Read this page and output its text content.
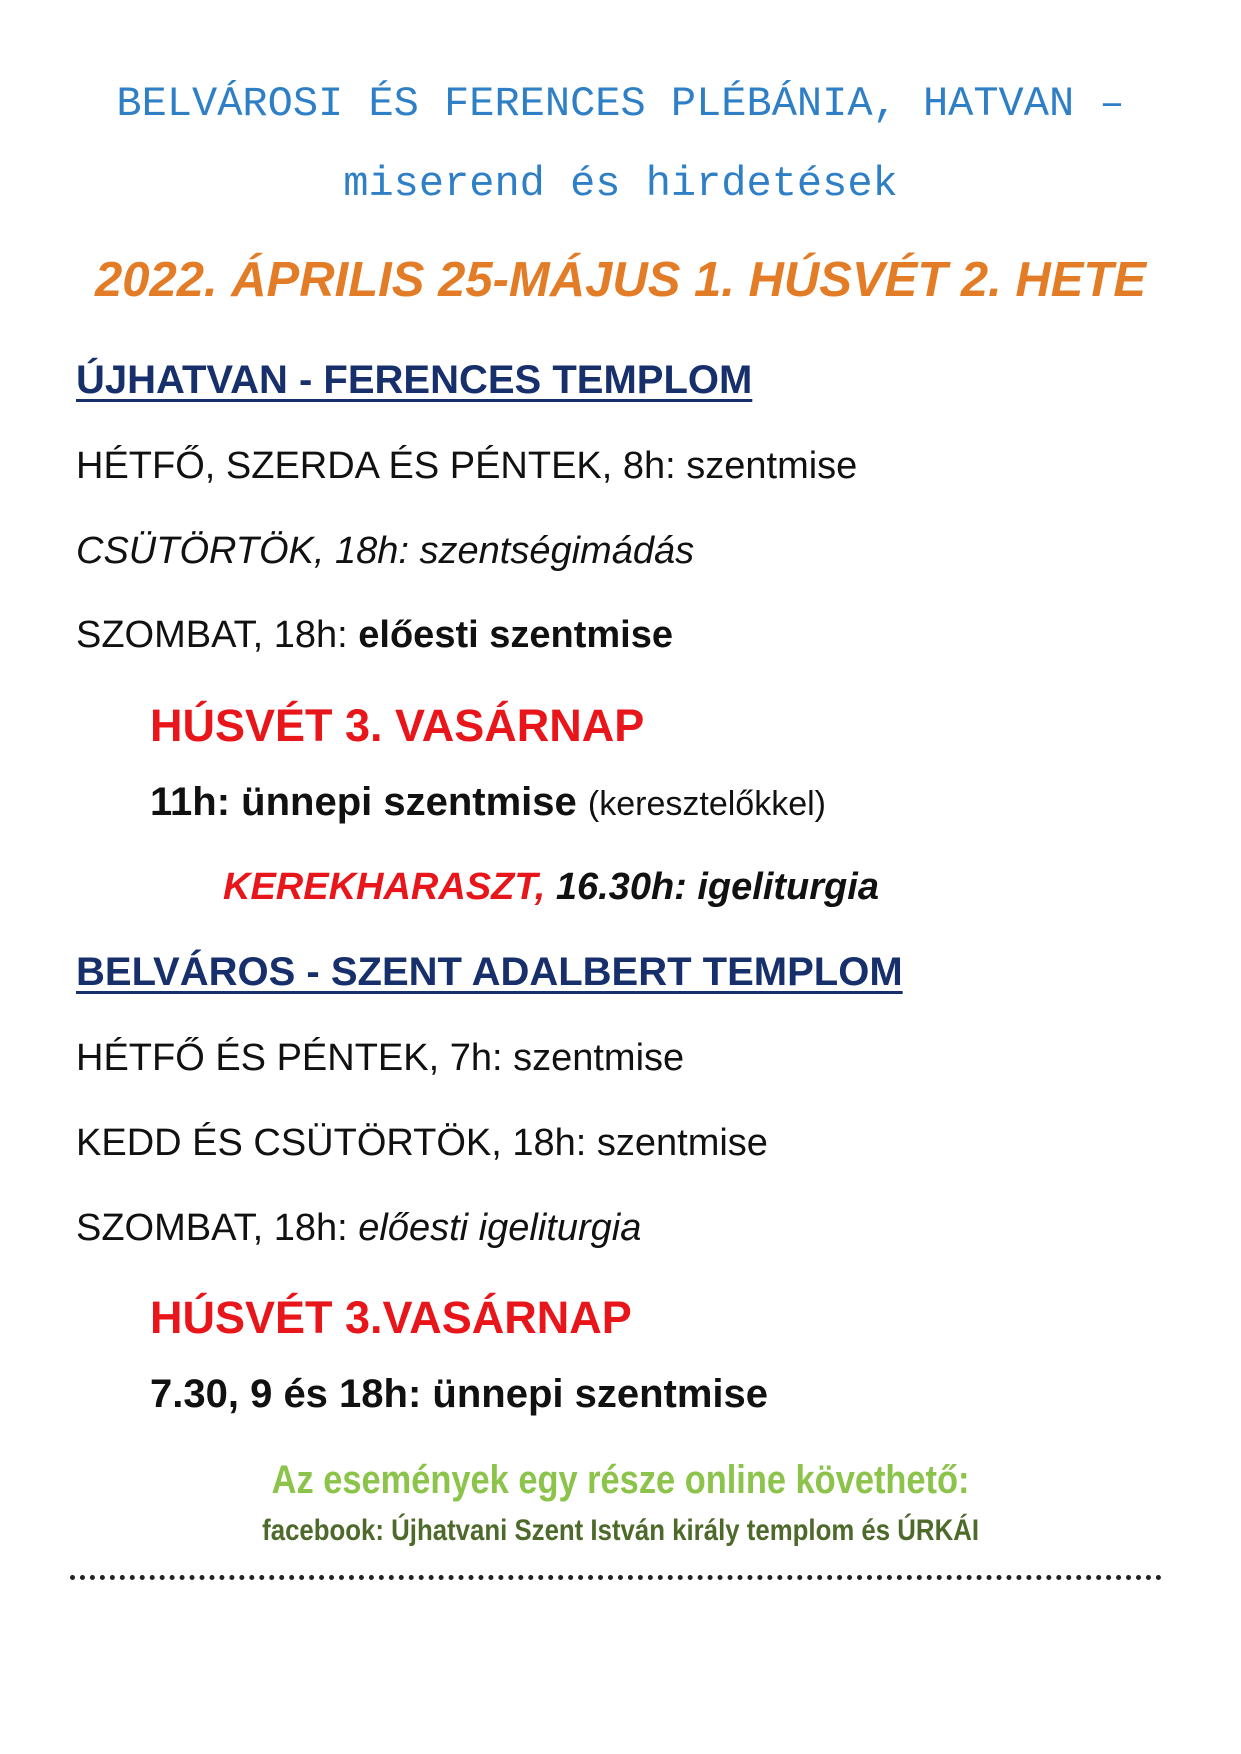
BELVÁROSI ÉS FERENCES PLÉBÁNIA, HATVAN –

miserend és hirdetések

2022. ÁPRILIS 25-MÁJUS 1. HÚSVÉT 2. HETE

ÚJHATVAN - FERENCES TEMPLOM

HÉTFŐ, SZERDA ÉS PÉNTEK, 8h: szentmise

CSÜTÖRTÖK, 18h: szentségimádás

SZOMBAT, 18h: előesti szentmise

HÚSVÉT 3. VASÁRNAP

11h: ünnepi szentmise (keresztelőkkel)

KEREKHARASZT, 16.30h: igeliturgia

BELVÁROS - SZENT ADALBERT TEMPLOM

HÉTFŐ ÉS PÉNTEK, 7h: szentmise

KEDD ÉS CSÜTÖRTÖK, 18h: szentmise

SZOMBAT, 18h: előesti igeliturgia

HÚSVÉT 3.VASÁRNAP

7.30, 9 és 18h: ünnepi szentmise

Az események egy része online követhető:

facebook: Újhatvani Szent István király templom és ÚRKÁI
